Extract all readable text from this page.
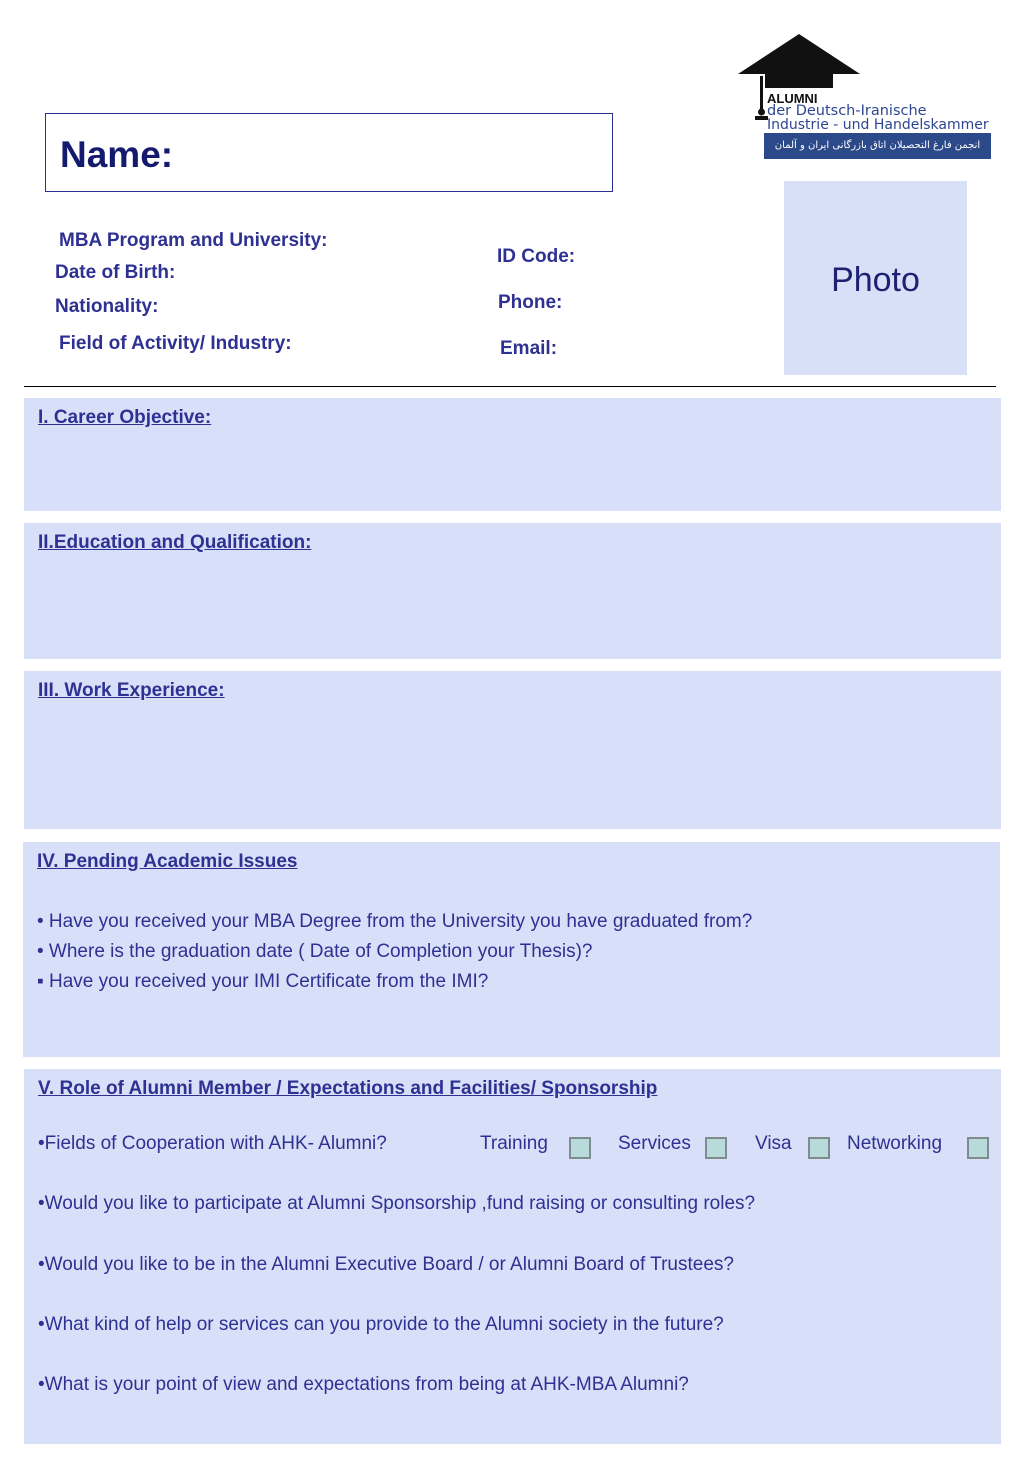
ALUMNI
der Deutsch-Iranische
Industrie - und Handelskammer
انجمن فارغ التحصیلان اتاق بازرگانی ایران و آلمان
Name:
MBA Program and University:
Date of Birth:
Nationality:
Field of Activity/ Industry:
ID Code:
Phone:
Email:
Photo
I. Career Objective:
II.Education and Qualification:
III. Work Experience:
IV. Pending Academic Issues
• Have you received your MBA Degree from the University you have graduated from?
• Where is the graduation date ( Date of Completion your Thesis)?
▪ Have you received your IMI Certificate from the IMI?
V. Role of Alumni Member / Expectations and Facilities/ Sponsorship
•Fields of Cooperation with AHK- Alumni?	Training	Services	Visa	Networking
•Would you like to participate at Alumni Sponsorship ,fund raising or consulting roles?
•Would you like to be in the Alumni Executive Board / or Alumni Board of Trustees?
•What kind of help or services can you provide to the Alumni society in the future?
•What is your point of view and expectations from being at AHK-MBA Alumni?
